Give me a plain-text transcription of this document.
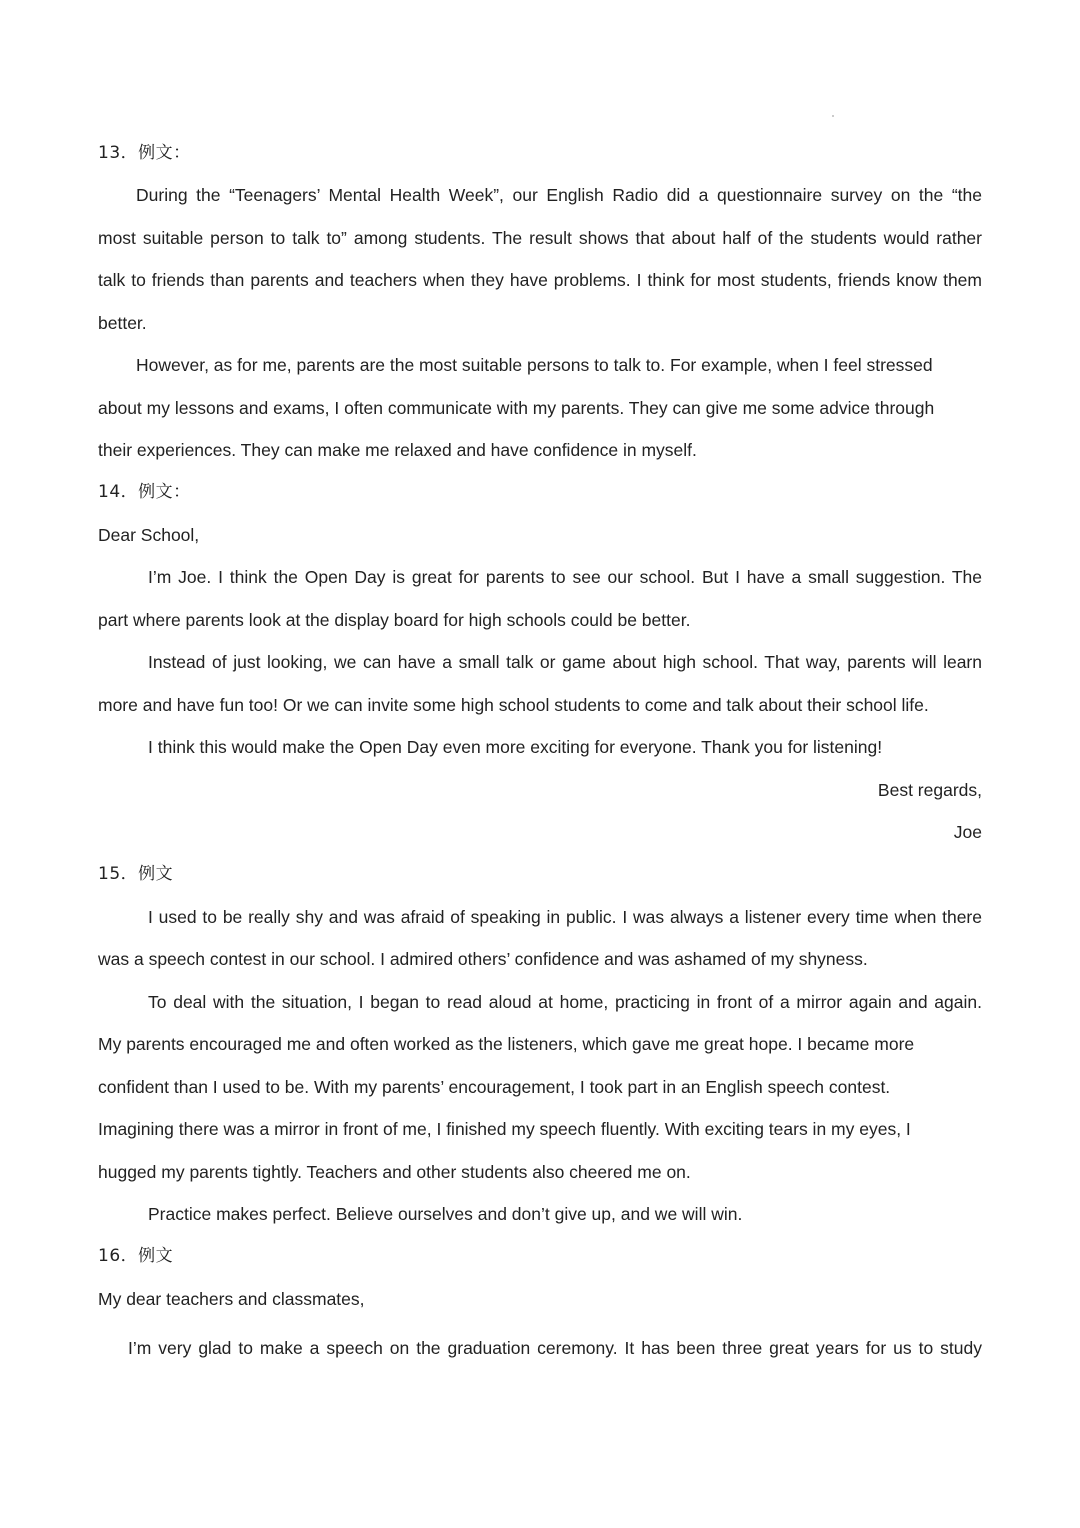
13．例文：
During the “Teenagers’ Mental Health Week”, our English Radio did a questionnaire survey on the “the
most suitable person to talk to” among students. The result shows that about half of the students would rather
talk to friends than parents and teachers when they have problems. I think for most students, friends know them
better.
However, as for me, parents are the most suitable persons to talk to. For example, when I feel stressed
about my lessons and exams, I often communicate with my parents. They can give me some advice through
their experiences. They can make me relaxed and have confidence in myself.
14．例文：
Dear School,
I’m Joe. I think the Open Day is great for parents to see our school. But I have a small suggestion. The
part where parents look at the display board for high schools could be better.
Instead of just looking, we can have a small talk or game about high school. That way, parents will learn
more and have fun too! Or we can invite some high school students to come and talk about their school life.
I think this would make the Open Day even more exciting for everyone. Thank you for listening!
Best regards,
Joe
15．例文
I used to be really shy and was afraid of speaking in public. I was always a listener every time when there
was a speech contest in our school. I admired others’ confidence and was ashamed of my shyness.
To deal with the situation, I began to read aloud at home, practicing in front of a mirror again and again.
My parents encouraged me and often worked as the listeners, which gave me great hope. I became more
confident than I used to be. With my parents’ encouragement, I took part in an English speech contest.
Imagining there was a mirror in front of me, I finished my speech fluently. With exciting tears in my eyes, I
hugged my parents tightly. Teachers and other students also cheered me on.
Practice makes perfect. Believe ourselves and don’t give up, and we will win.
16．例文
My dear teachers and classmates,
I’m very glad to make a speech on the graduation ceremony. It has been three great years for us to study
